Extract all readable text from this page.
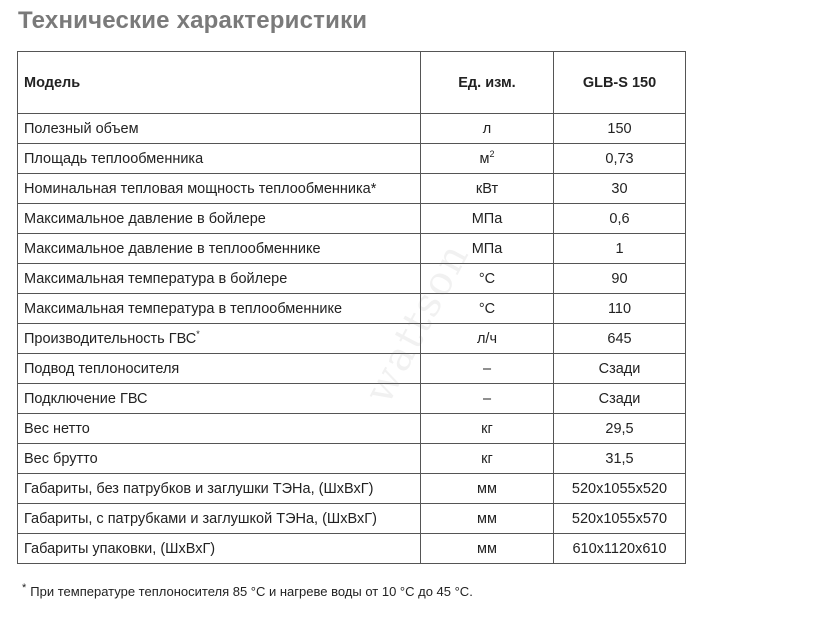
Технические характеристики
Модель	Ед. изм.	GLB-S 150
Полезный объем	л	150
Площадь теплообменника	$м^2$	0,73
Номинальная тепловая мощность теплообменника*	кВт	30
Максимальное давление в бойлере	МПа	0,6
Максимальное давление в теплообменнике	МПа	1
Максимальная температура в бойлере	°С	90
Максимальная температура в теплообменнике	°С	110
Производительность ГВС*	л/ч	645
Подвод теплоносителя	–	Сзади
Подключение ГВС	–	Сзади
Вес нетто	кг	29,5
Вес брутто	кг	31,5
Габариты, без патрубков и заглушки ТЭНа, (ШхВхГ)	мм	520x1055x520
Габариты, с патрубками и заглушкой ТЭНа, (ШхВхГ)	мм	520x1055x570
Габариты упаковки, (ШхВхГ)	мм	610x1120x610
wattson
* При температуре теплоносителя 85 °С и нагреве воды от 10 °С до 45 °С.
